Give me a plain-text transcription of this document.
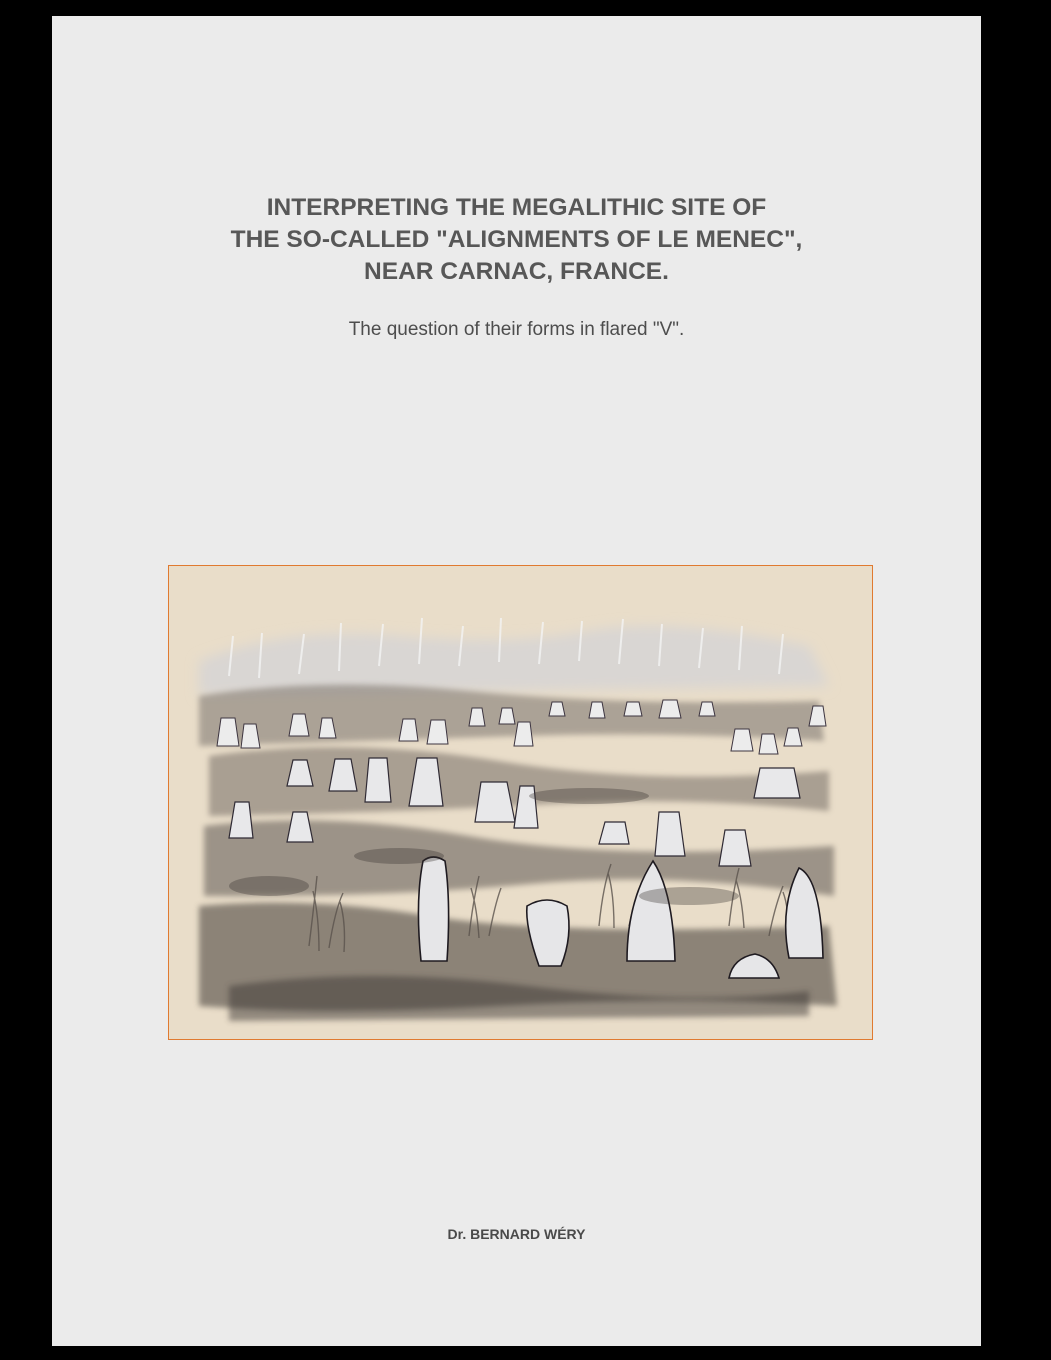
INTERPRETING THE MEGALITHIC SITE OF
THE SO-CALLED "ALIGNMENTS OF LE MENEC",
NEAR CARNAC, FRANCE.

The question of their forms in flared "V".

Dr. BERNARD WÉRY
